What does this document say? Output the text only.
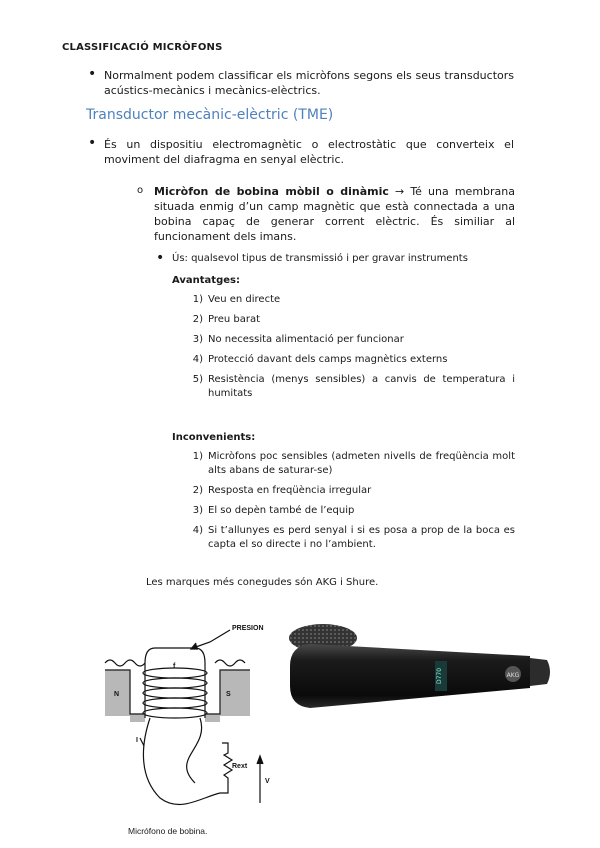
CLASSIFICACIÓ MICRÒFONS
• Normalment podem classificar els micròfons segons els seus transductors acústics-mecànics i mecànics-elèctrics.
Transductor mecànic-elèctric (TME)
• És un dispositiu electromagnètic o electrostàtic que converteix el moviment del diafragma en senyal elèctric.
o Micròfon de bobina mòbil o dinàmic → Té una membrana situada enmig d’un camp magnètic que està connectada a una bobina capaç de generar corrent elèctric. És similiar al funcionament dels imans.
• Ús: qualsevol tipus de transmissió i per gravar instruments
Avantatges:
1) Veu en directe
2) Preu barat
3) No necessita alimentació per funcionar
4) Protecció davant dels camps magnètics externs
5) Resistència (menys sensibles) a canvis de temperatura i humitats
Inconvenients:
1) Micròfons poc sensibles (admeten nivells de freqüència molt alts abans de saturar-se)
2) Resposta en freqüència irregular
3) El so depèn també de l’equip
4) Si t’allunyes es perd senyal i si es posa a prop de la boca es capta el so directe i no l’ambient.
Les marques més conegudes són AKG i Shure.
PRESION
N	S
f
I
Rext
V
Micrófono de bobina.
D770	AKG
